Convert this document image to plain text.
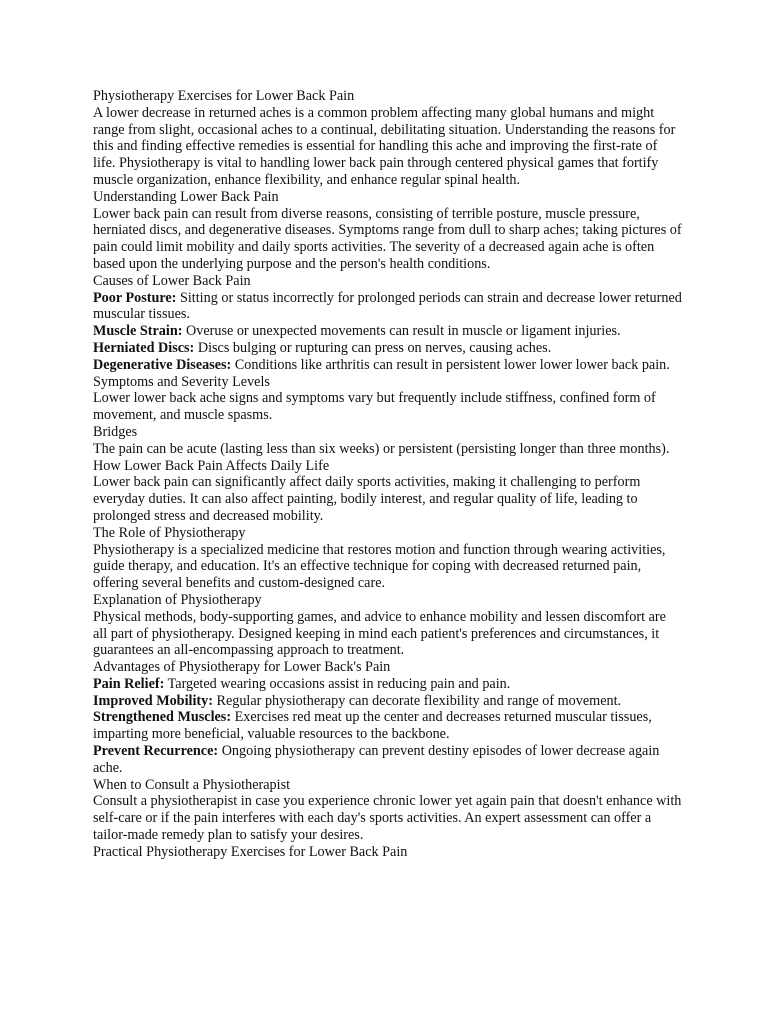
Physiotherapy Exercises for Lower Back Pain

A lower decrease in returned aches is a common problem affecting many global humans and might range from slight, occasional aches to a continual, debilitating situation. Understanding the reasons for this and finding effective remedies is essential for handling this ache and improving the first-rate of life. Physiotherapy is vital to handling lower back pain through centered physical games that fortify muscle organization, enhance flexibility, and enhance regular spinal health.

Understanding Lower Back Pain

Lower back pain can result from diverse reasons, consisting of terrible posture, muscle pressure, herniated discs, and degenerative diseases. Symptoms range from dull to sharp aches; taking pictures of pain could limit mobility and daily sports activities. The severity of a decreased again ache is often based upon the underlying purpose and the person's health conditions.

Causes of Lower Back Pain

Poor Posture: Sitting or status incorrectly for prolonged periods can strain and decrease lower returned muscular tissues.

Muscle Strain: Overuse or unexpected movements can result in muscle or ligament injuries.

Herniated Discs: Discs bulging or rupturing can press on nerves, causing aches.

Degenerative Diseases: Conditions like arthritis can result in persistent lower lower lower back pain.

Symptoms and Severity Levels

Lower lower back ache signs and symptoms vary but frequently include stiffness, confined form of movement, and muscle spasms.

Bridges

The pain can be acute (lasting less than six weeks) or persistent (persisting longer than three months).

How Lower Back Pain Affects Daily Life

Lower back pain can significantly affect daily sports activities, making it challenging to perform everyday duties. It can also affect painting, bodily interest, and regular quality of life, leading to prolonged stress and decreased mobility.

The Role of Physiotherapy

Physiotherapy is a specialized medicine that restores motion and function through wearing activities, guide therapy, and education. It's an effective technique for coping with decreased returned pain, offering several benefits and custom-designed care.

Explanation of Physiotherapy

Physical methods, body-supporting games, and advice to enhance mobility and lessen discomfort are all part of physiotherapy. Designed keeping in mind each patient's preferences and circumstances, it guarantees an all-encompassing approach to treatment.

Advantages of Physiotherapy for Lower Back's Pain

Pain Relief: Targeted wearing occasions assist in reducing pain and pain.

Improved Mobility: Regular physiotherapy can decorate flexibility and range of movement.

Strengthened Muscles: Exercises red meat up the center and decreases returned muscular tissues, imparting more beneficial, valuable resources to the backbone.

Prevent Recurrence: Ongoing physiotherapy can prevent destiny episodes of lower decrease again ache.

When to Consult a Physiotherapist

Consult a physiotherapist in case you experience chronic lower yet again pain that doesn't enhance with self-care or if the pain interferes with each day's sports activities. An expert assessment can offer a tailor-made remedy plan to satisfy your desires.

Practical Physiotherapy Exercises for Lower Back Pain
